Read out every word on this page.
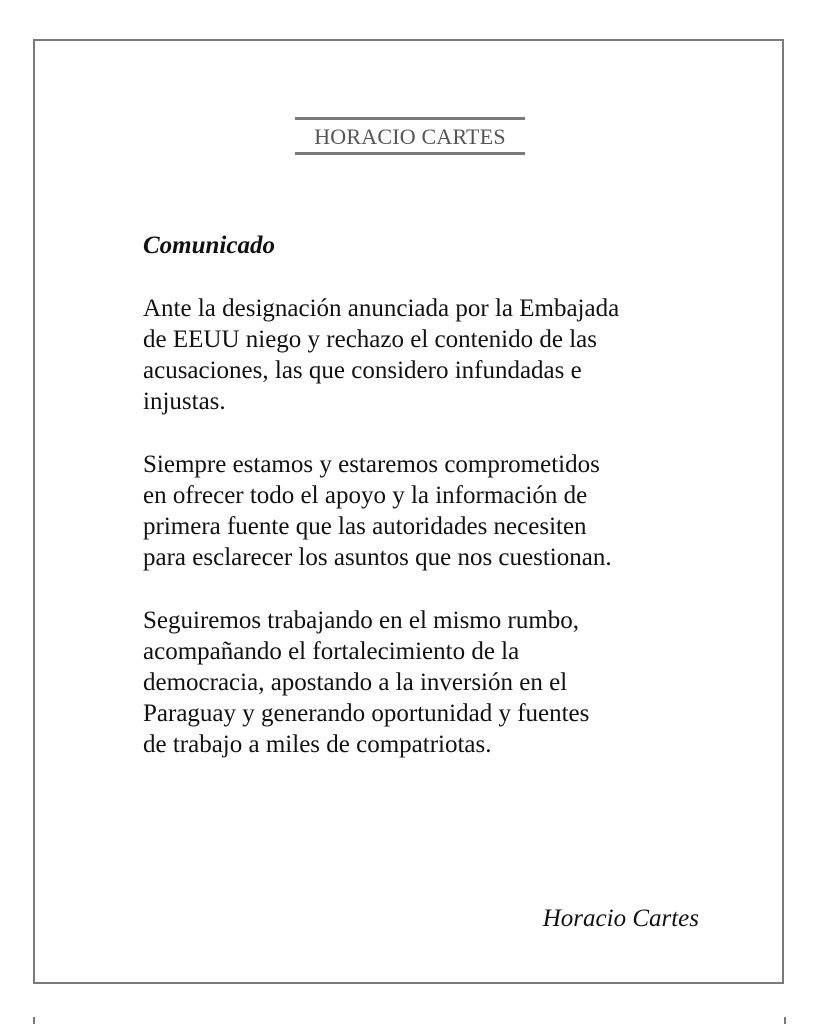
HORACIO CARTES
Comunicado
Ante la designación anunciada por la Embajada
de EEUU niego y rechazo el contenido de las
acusaciones, las que considero infundadas e
injustas.
Siempre estamos y estaremos comprometidos
en ofrecer todo el apoyo y la información de
primera fuente que las autoridades necesiten
para esclarecer los asuntos que nos cuestionan.
Seguiremos trabajando en el mismo rumbo,
acompañando el fortalecimiento de la
democracia, apostando a la inversión en el
Paraguay y generando oportunidad y fuentes
de trabajo a miles de compatriotas.
Horacio Cartes
